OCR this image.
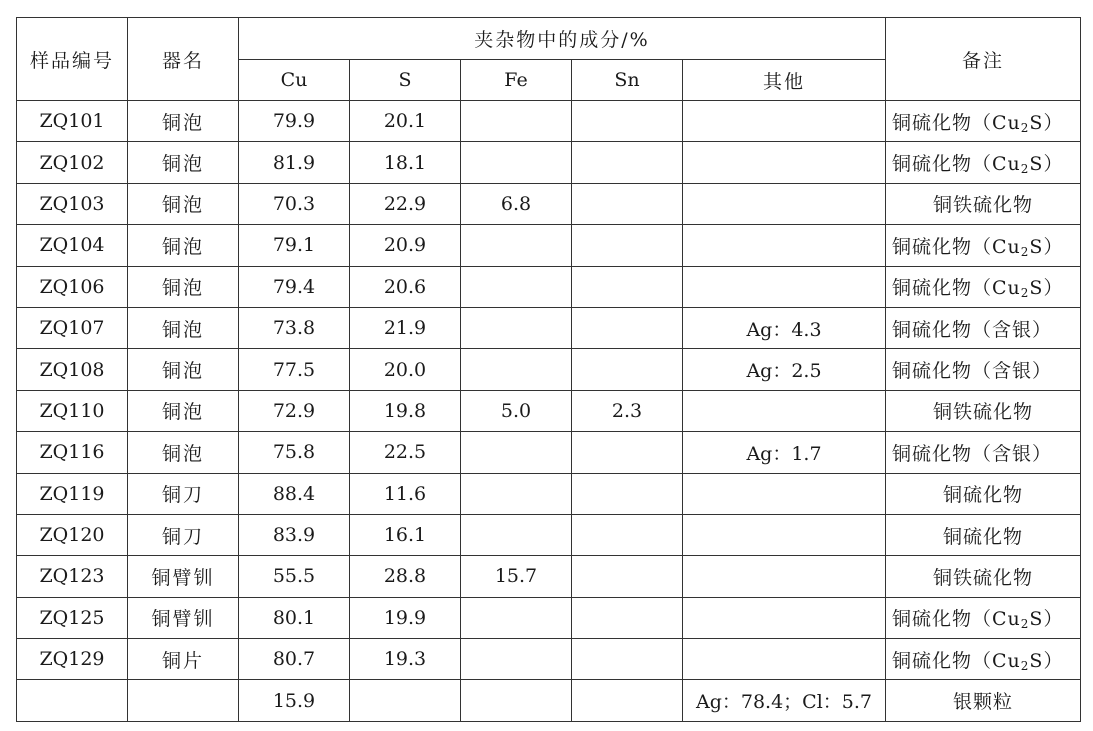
样品编号	器名	夹杂物中的成分/%					备注
		Cu	S	Fe	Sn	其他	
ZQ101	铜泡	79.9	20.1				铜硫化物$(Cu_2S)$
ZQ102	铜泡	81.9	18.1				铜硫化物$(Cu_2S)$
ZQ103	铜泡	70.3	22.9	6.8			铜铁硫化物
ZQ104	铜泡	79.1	20.9				铜硫化物$(Cu_2S)$
ZQ106	铜泡	79.4	20.6				铜硫化物$(Cu_2S)$
ZQ107	铜泡	73.8	21.9			Ag：4.3	铜硫化物（含银）
ZQ108	铜泡	77.5	20.0			Ag：2.5	铜硫化物（含银）
ZQ110	铜泡	72.9	19.8	5.0	2.3		铜铁硫化物
ZQ116	铜泡	75.8	22.5			Ag：1.7	铜硫化物（含银）
ZQ119	铜刀	88.4	11.6				铜硫化物
ZQ120	铜刀	83.9	16.1				铜硫化物
ZQ123	铜臂钏	55.5	28.8	15.7			铜铁硫化物
ZQ125	铜臂钏	80.1	19.9				铜硫化物$(Cu_2S)$
ZQ129	铜片	80.7	19.3				铜硫化物$(Cu_2S)$
		15.9				Ag：78.4；Cl：5.7	银颗粒
